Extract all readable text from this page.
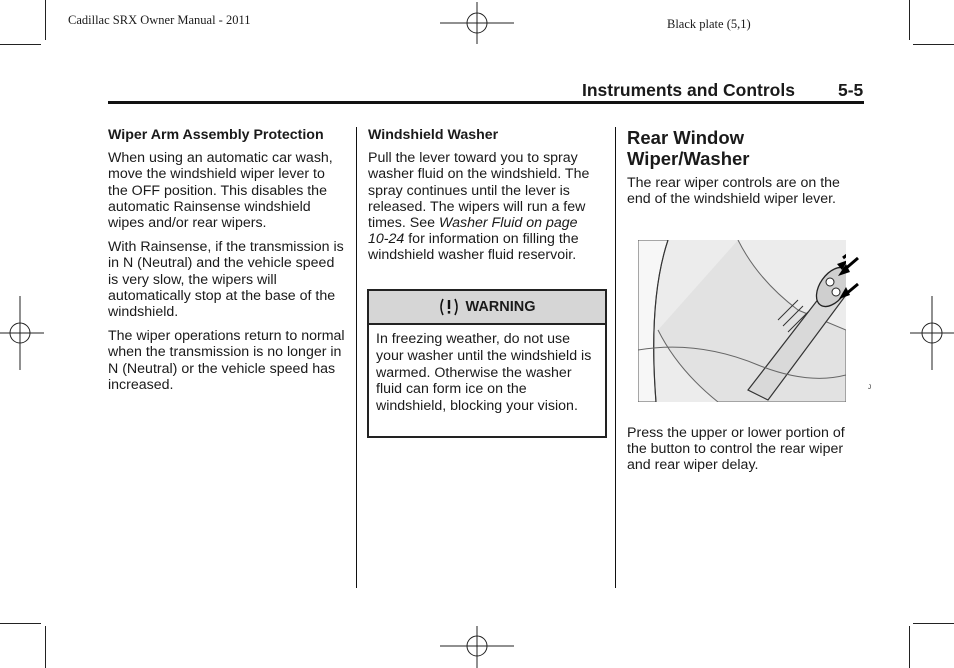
Cadillac SRX Owner Manual - 2011	Black plate (5,1)
Instruments and Controls 5-5
Wiper Arm Assembly Protection

When using an automatic car wash, move the windshield wiper lever to the OFF position. This disables the automatic Rainsense windshield wipes and/or rear wipers.

With Rainsense, if the transmission is in N (Neutral) and the vehicle speed is very slow, the wipers will automatically stop at the base of the windshield.

The wiper operations return to normal when the transmission is no longer in N (Neutral) or the vehicle speed has increased.

Windshield Washer

Pull the lever toward you to spray washer fluid on the windshield. The spray continues until the lever is released. The wipers will run a few times. See Washer Fluid on page 10-24 for information on filling the windshield washer fluid reservoir.

WARNING
In freezing weather, do not use your washer until the windshield is warmed. Otherwise the washer fluid can form ice on the windshield, blocking your vision.
Rear Window Wiper/Washer

The rear wiper controls are on the end of the windshield wiper lever.

J
Press the upper or lower portion of the button to control the rear wiper and rear wiper delay.
